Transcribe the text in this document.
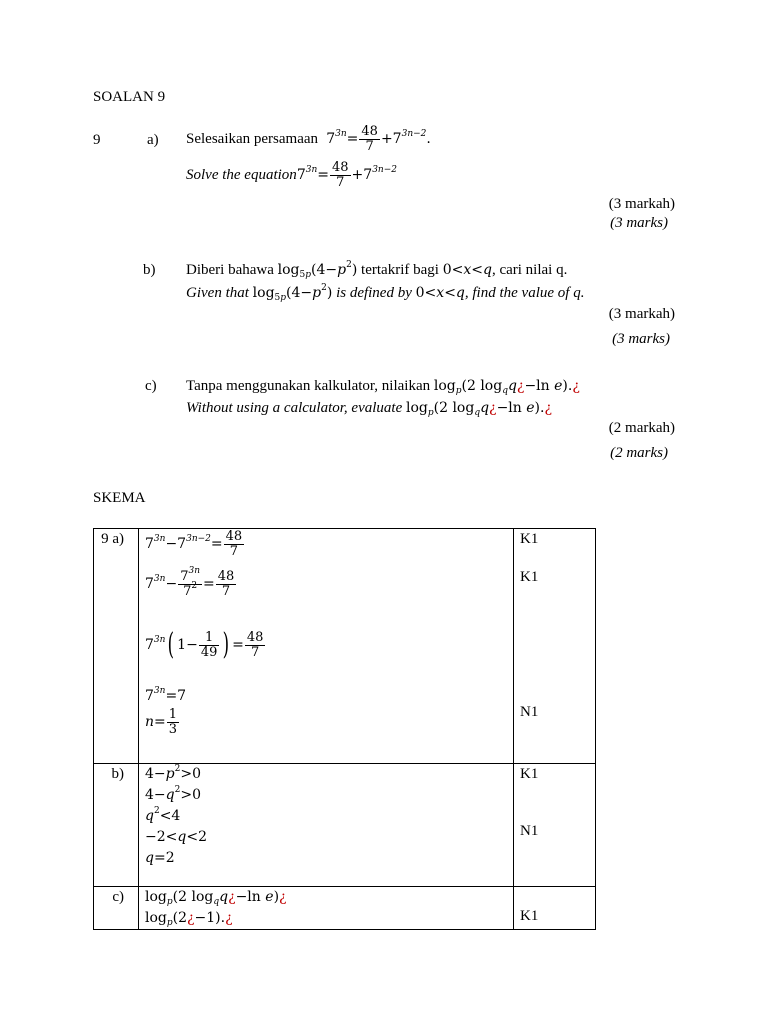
SOALAN 9
9	a) Selesaikan persamaan  $7^{3n}= \frac{48}{7} +7^{3n-2}$.
Solve the $equation7^{3n}= \frac{48}{7} +7^{3n-2}$
(3 markah)
(3 marks)
b) Diberi bahawa $\log_{5p}(4-p^2)$ tertakrif bagi 0<x<q, cari nilai q.
Given that $\log_{5p}(4-p^2)$ is defined by 0<x<q, find the value of q.
(3 markah)
(3 marks)
c) Tanpa menggunakan kalkulator, nilaikan $\log_p(2$ $\log_qq¿-\ln$ e).¿
Without using a calculator, evaluate $\log_p(2$ $\log_qq¿-\ln$ e).¿
(2 markah)
(2 marks)
SKEMA
9 a) $7^{3n}-7^{3n-2}= \frac{48}{7}$
$7^{3n}- \frac{7^{3n}}{7^2} = \frac{48}{7}$
$7^{3n}$( $1- \frac{1}{49}$ ) = $\frac{48}{7}$
$7^{3n}=7$
$n= \frac{1}{3}$
K1
K1
N1
b) $4-p^2>0$
$4-q^2>0$
$q^2<4$
−2<q<2
q=2
K1
N1
c) $\log_p(2$ $\log_qq¿-\ln$ e)¿
$\log_p(2¿-1).¿$	K1
